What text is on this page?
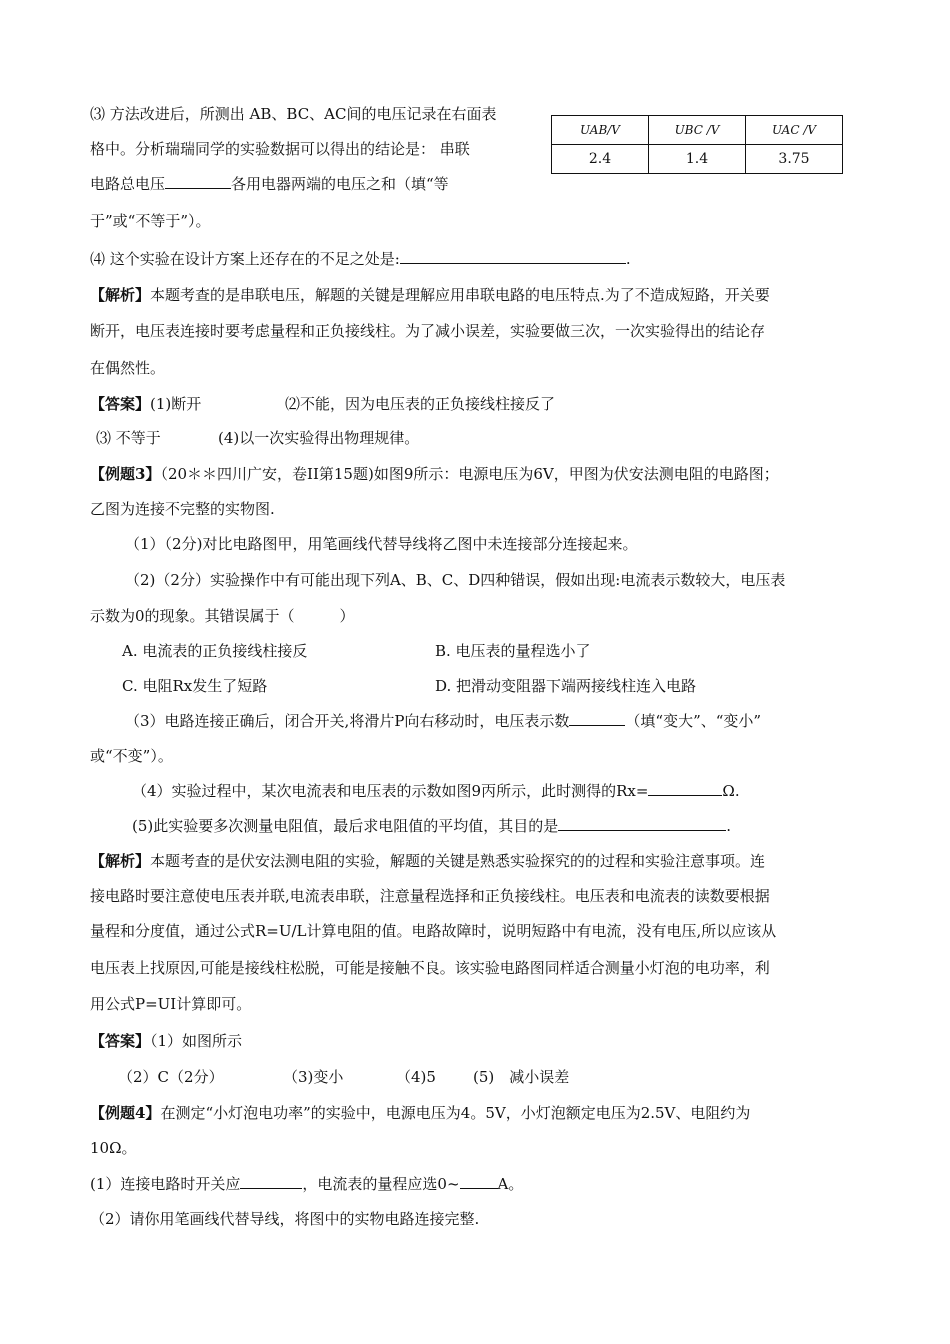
⑶ 方法改进后，所测出 AB、BC、AC间的电压记录在右面表
格中。分析瑞瑞同学的实验数据可以得出的结论是： 串联
电路总电压	各用电器两端的电压之和（填“等
于”或“不等于”）。
UAB/V	UBC /V	UAC /V
2.4	1.4	3.75
⑷ 这个实验在设计方案上还存在的不足之处是:	.
【解析】本题考查的是串联电压，解题的关键是理解应用串联电路的电压特点.为了不造成短路，开关要
断开，电压表连接时要考虑量程和正负接线柱。为了减小误差，实验要做三次，一次实验得出的结论存
在偶然性。
【答案】(1)断开	⑵不能，因为电压表的正负接线柱接反了
⑶ 不等于	(4)以一次实验得出物理规律。
【例题3】（20＊＊四川广安，卷II第15题)如图9所示：电源电压为6V，甲图为伏安法测电阻的电路图；
乙图为连接不完整的实物图.
（1）（2分)对比电路图甲，用笔画线代替导线将乙图中未连接部分连接起来。
（2)（2分）实验操作中有可能出现下列A、B、C、D四种错误，假如出现:电流表示数较大，电压表
示数为0的现象。其错误属于（　　　）
A. 电流表的正负接线柱接反	B. 电压表的量程选小了
C. 电阻Rx发生了短路	D. 把滑动变阻器下端两接线柱连入电路
（3）电路连接正确后，闭合开关,将滑片P向右移动时，电压表示数	（填“变大”、“变小”
或“不变”）。
（4）实验过程中，某次电流表和电压表的示数如图9丙所示，此时测得的Rx=	Ω.
(5)此实验要多次测量电阻值，最后求电阻值的平均值，其目的是	.
【解析】本题考查的是伏安法测电阻的实验，解题的关键是熟悉实验探究的的过程和实验注意事项。连
接电路时要注意使电压表并联,电流表串联，注意量程选择和正负接线柱。电压表和电流表的读数要根据
量程和分度值，通过公式R=U/L计算电阻的值。电路故障时，说明短路中有电流，没有电压,所以应该从
电压表上找原因,可能是接线柱松脱，可能是接触不良。该实验电路图同样适合测量小灯泡的电功率，利
用公式P=UI计算即可。
【答案】（1）如图所示
（2）C（2分）	（3)变小	（4)5 (5)　减小误差
【例题4】在测定“小灯泡电功率”的实验中，电源电压为4。5V，小灯泡额定电压为2.5V、电阻约为
10Ω。
(1）连接电路时开关应	，电流表的量程应选0~	A。
（2）请你用笔画线代替导线，将图中的实物电路连接完整.
